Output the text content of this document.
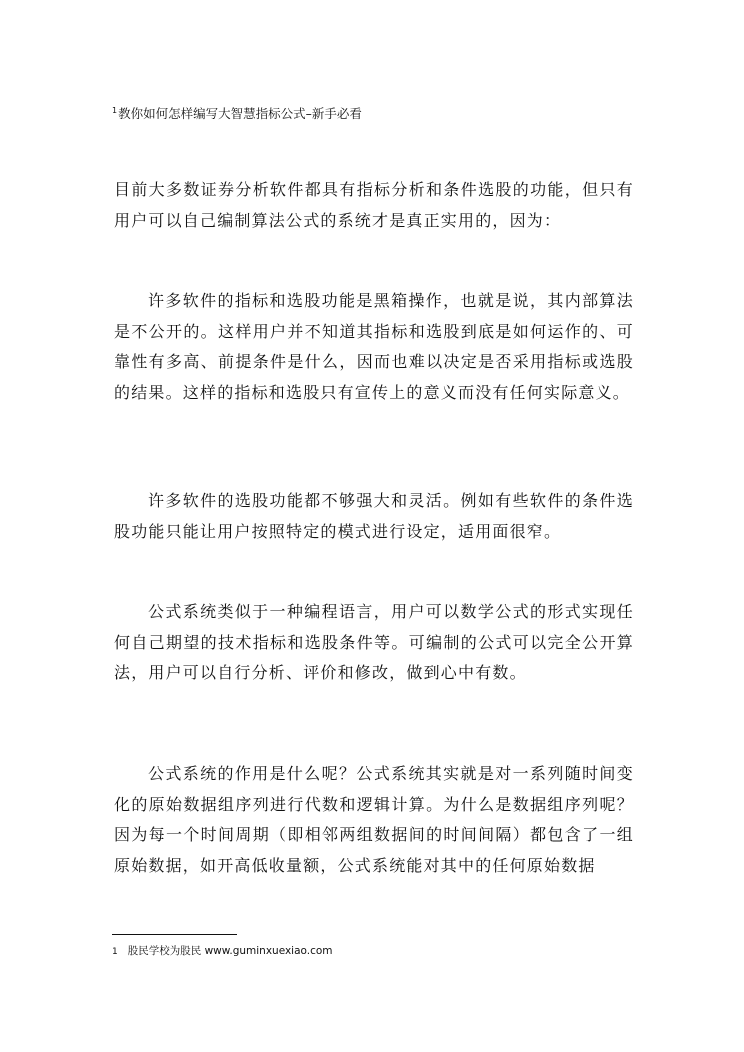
$^1$教你如何怎样编写大智慧指标公式–新手必看

目前大多数证券分析软件都具有指标分析和条件选股的功能，但只有用户可以自己编制算法公式的系统才是真正实用的，因为：

许多软件的指标和选股功能是黑箱操作，也就是说，其内部算法是不公开的。这样用户并不知道其指标和选股到底是如何运作的、可靠性有多高、前提条件是什么，因而也难以决定是否采用指标或选股的结果。这样的指标和选股只有宣传上的意义而没有任何实际意义。

许多软件的选股功能都不够强大和灵活。例如有些软件的条件选股功能只能让用户按照特定的模式进行设定，适用面很窄。

公式系统类似于一种编程语言，用户可以数学公式的形式实现任何自己期望的技术指标和选股条件等。可编制的公式可以完全公开算法，用户可以自行分析、评价和修改，做到心中有数。

公式系统的作用是什么呢？公式系统其实就是对一系列随时间变化的原始数据组序列进行代数和逻辑计算。为什么是数据组序列呢？因为每一个时间周期（即相邻两组数据间的时间间隔）都包含了一组原始数据，如开高低收量额，公式系统能对其中的任何原始数据

1 股民学校为股民 www.guminxuexiao.com
